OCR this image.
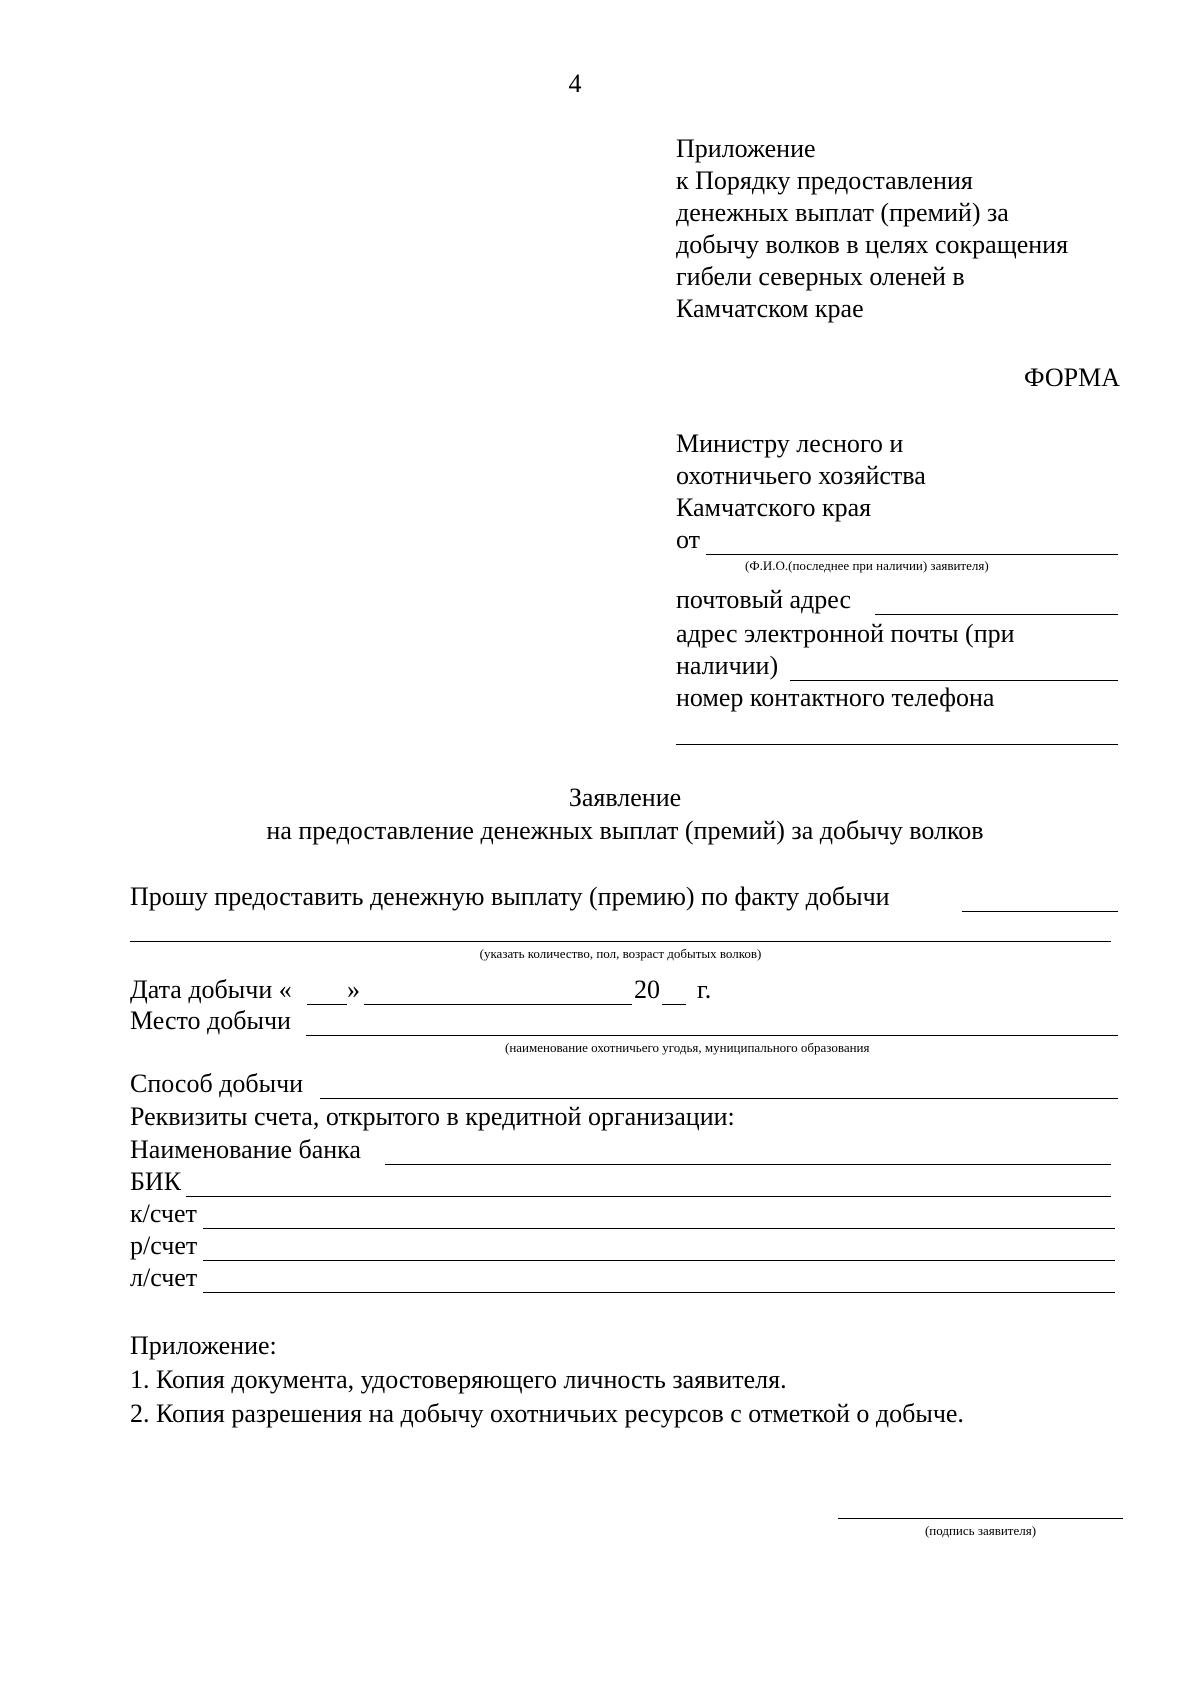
4
Приложение
к Порядку предоставления
денежных выплат (премий) за
добычу волков в целях сокращения
гибели северных оленей в
Камчатском крае
ФОРМА
Министру лесного и
охотничьего хозяйства
Камчатского края
от
(Ф.И.О.(последнее при наличии) заявителя)
почтовый адрес
адрес электронной почты (при
наличии)
номер контактного телефона
Заявление
на предоставление денежных выплат (премий) за добычу волков
Прошу предоставить денежную выплату (премию) по факту добычи
(указать количество, пол, возраст добытых волков)
Дата добычи « »	20 г.
Место добычи
(наименование охотничьего угодья, муниципального образования
Способ добычи
Реквизиты счета, открытого в кредитной организации:
Наименование банка
БИК
к/счет
р/счет
л/счет
Приложение:
1. Копия документа, удостоверяющего личность заявителя.
2. Копия разрешения на добычу охотничьих ресурсов с отметкой о добыче.
(подпись заявителя)
